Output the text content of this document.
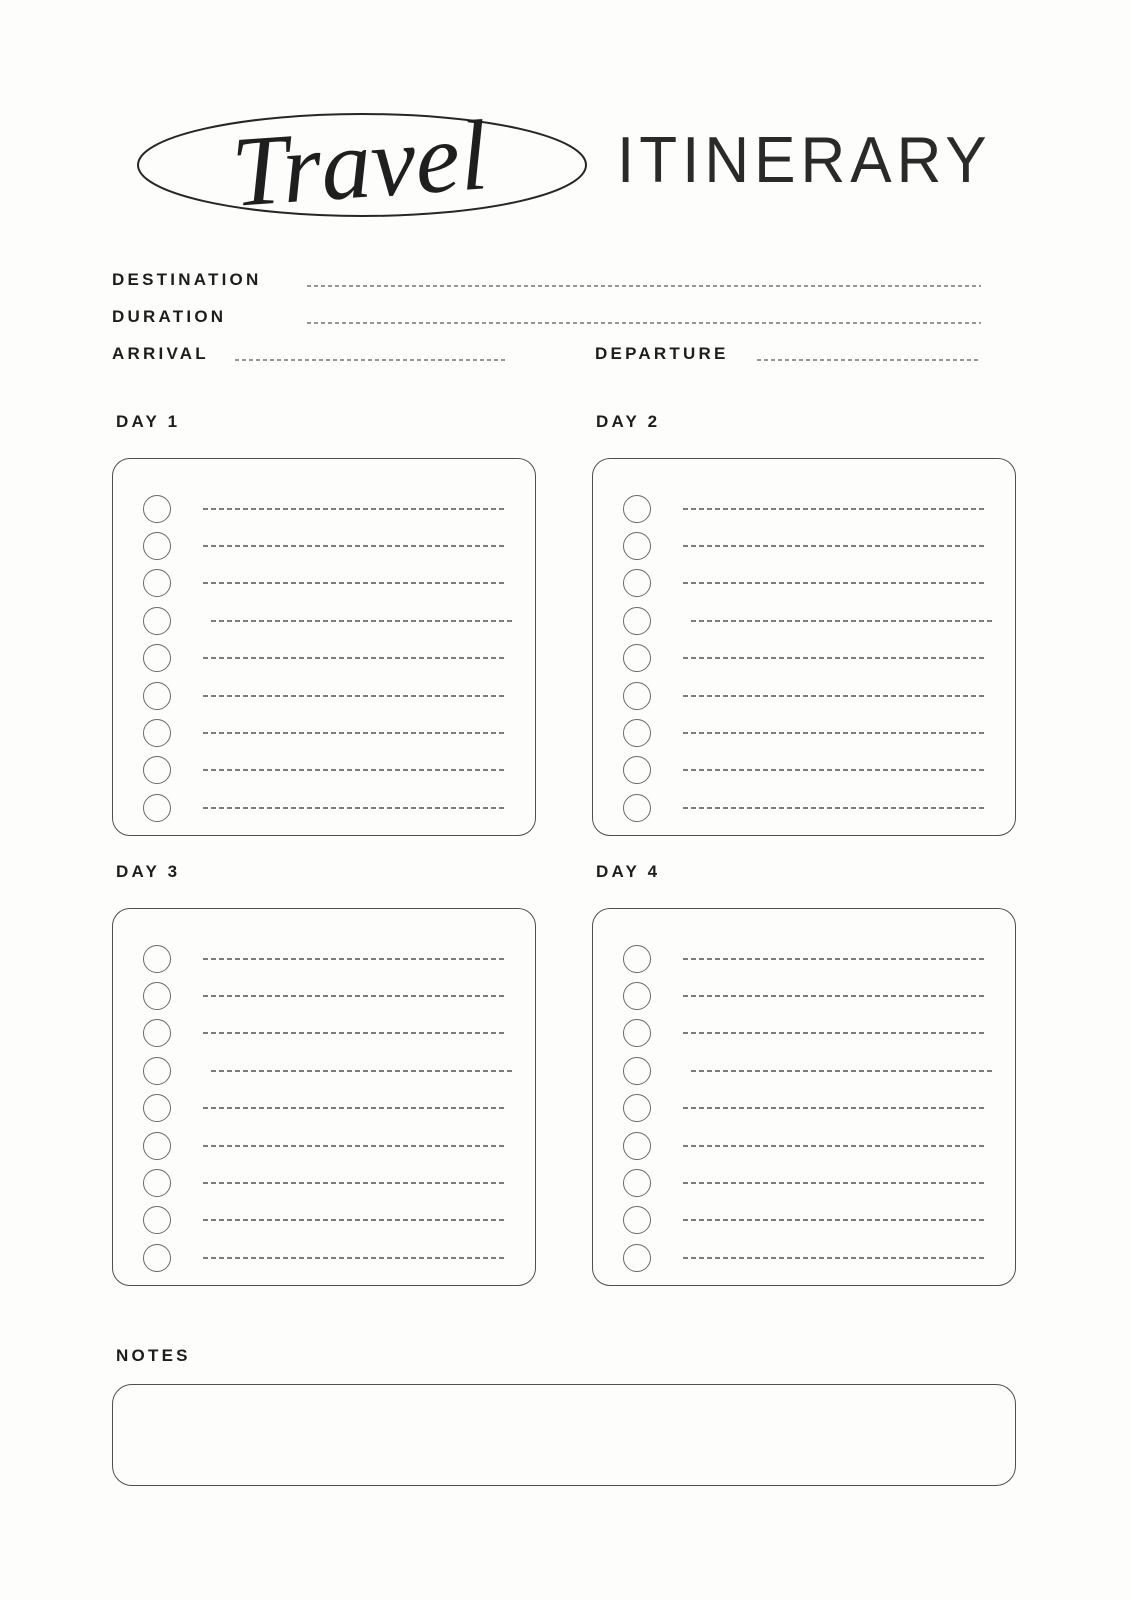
Travel ITINERARY
DESTINATION
DURATION
ARRIVAL	DEPARTURE
DAY 1	DAY 2
DAY 3	DAY 4
NOTES
